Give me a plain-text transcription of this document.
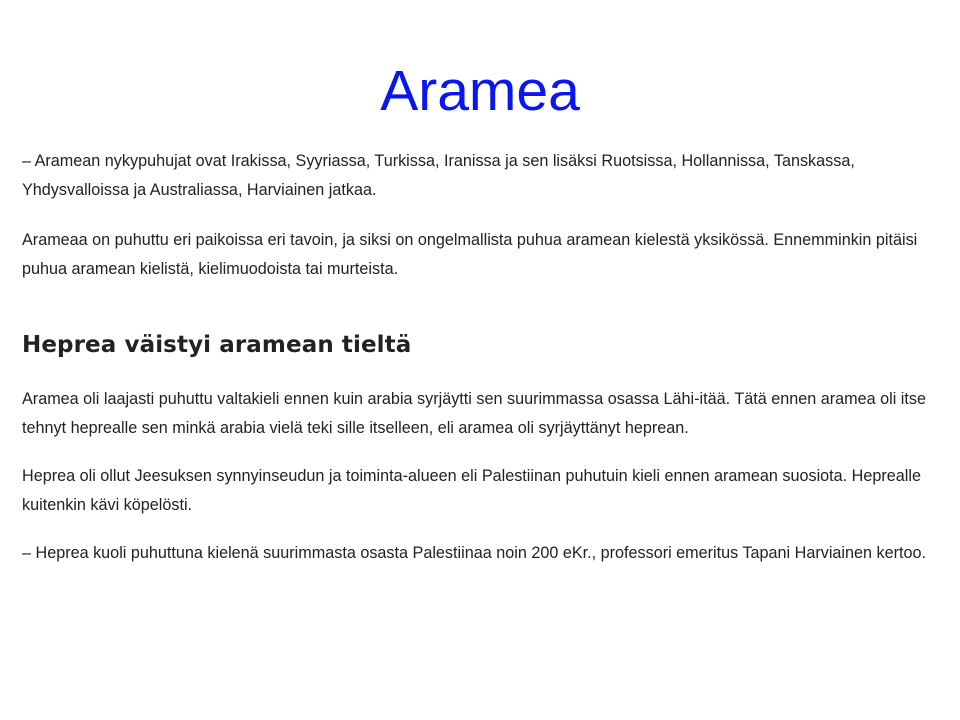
Aramea

– Aramean nykypuhujat ovat Irakissa, Syyriassa, Turkissa, Iranissa ja sen lisäksi Ruotsissa, Hollannissa, Tanskassa, Yhdysvalloissa ja Australiassa, Harviainen jatkaa.

Arameaa on puhuttu eri paikoissa eri tavoin, ja siksi on ongelmallista puhua aramean kielestä yksikössä. Ennemminkin pitäisi puhua aramean kielistä, kielimuodoista tai murteista.

Heprea väistyi aramean tieltä

Aramea oli laajasti puhuttu valtakieli ennen kuin arabia syrjäytti sen suurimmassa osassa Lähi-itää. Tätä ennen aramea oli itse tehnyt heprealle sen minkä arabia vielä teki sille itselleen, eli aramea oli syrjäyttänyt heprean.

Heprea oli ollut Jeesuksen synnyinseudun ja toiminta-alueen eli Palestiinan puhutuin kieli ennen aramean suosiota. Heprealle kuitenkin kävi köpelösti.

– Heprea kuoli puhuttuna kielenä suurimmasta osasta Palestiinaa noin 200 eKr., professori emeritus Tapani Harviainen kertoo.
